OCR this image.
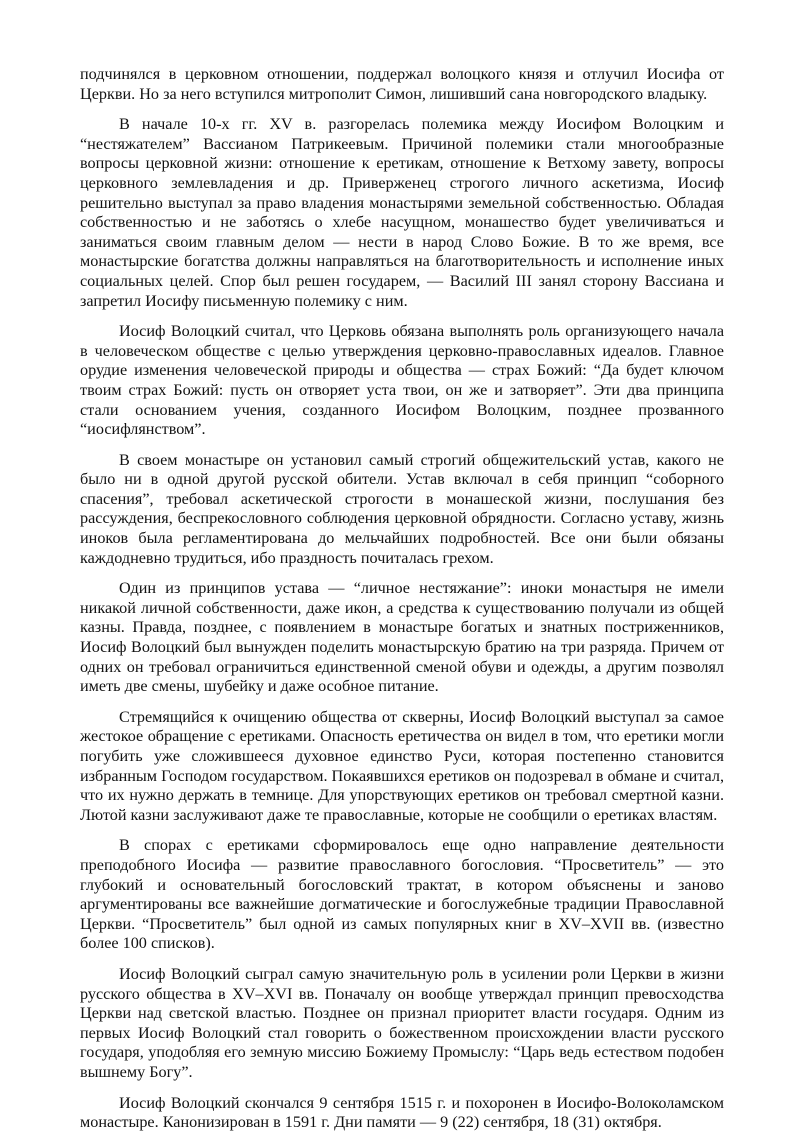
подчинялся в церковном отношении, поддержал волоцкого князя и отлучил Иосифа от Церкви. Но за него вступился митрополит Симон, лишивший сана новгородского владыку.

В начале 10-х гг. XV в. разгорелась полемика между Иосифом Волоцким и “нестяжателем” Вассианом Патрикеевым. Причиной полемики стали многообразные вопросы церковной жизни: отношение к еретикам, отношение к Ветхому завету, вопросы церковного землевладения и др. Приверженец строгого личного аскетизма, Иосиф решительно выступал за право владения монастырями земельной собственностью. Обладая собственностью и не заботясь о хлебе насущном, монашество будет увеличиваться и заниматься своим главным делом — нести в народ Слово Божие. В то же время, все монастырские богатства должны направляться на благотворительность и исполнение иных социальных целей. Спор был решен государем, — Василий III занял сторону Вассиана и запретил Иосифу письменную полемику с ним.

Иосиф Волоцкий считал, что Церковь обязана выполнять роль организующего начала в человеческом обществе с целью утверждения церковно-православных идеалов. Главное орудие изменения человеческой природы и общества — страх Божий: “Да будет ключом твоим страх Божий: пусть он отворяет уста твои, он же и затворяет”. Эти два принципа стали основанием учения, созданного Иосифом Волоцким, позднее прозванного “иосифлянством”.

В своем монастыре он установил самый строгий общежительский устав, какого не было ни в одной другой русской обители. Устав включал в себя принцип “соборного спасения”, требовал аскетической строгости в монашеской жизни, послушания без рассуждения, беспрекословного соблюдения церковной обрядности. Согласно уставу, жизнь иноков была регламентирована до мельчайших подробностей. Все они были обязаны каждодневно трудиться, ибо праздность почиталась грехом.

Один из принципов устава — “личное нестяжание”: иноки монастыря не имели никакой личной собственности, даже икон, а средства к существованию получали из общей казны. Правда, позднее, с появлением в монастыре богатых и знатных постриженников, Иосиф Волоцкий был вынужден поделить монастырскую братию на три разряда. Причем от одних он требовал ограничиться единственной сменой обуви и одежды, а другим позволял иметь две смены, шубейку и даже особное питание.

Стремящийся к очищению общества от скверны, Иосиф Волоцкий выступал за самое жестокое обращение с еретиками. Опасность еретичества он видел в том, что еретики могли погубить уже сложившееся духовное единство Руси, которая постепенно становится избранным Господом государством. Покаявшихся еретиков он подозревал в обмане и считал, что их нужно держать в темнице. Для упорствующих еретиков он требовал смертной казни. Лютой казни заслуживают даже те православные, которые не сообщили о еретиках властям.

В спорах с еретиками сформировалось еще одно направление деятельности преподобного Иосифа — развитие православного богословия. “Просветитель” — это глубокий и основательный богословский трактат, в котором объяснены и заново аргументированы все важнейшие догматические и богослужебные традиции Православной Церкви. “Просветитель” был одной из самых популярных книг в XV–XVII вв. (известно более 100 списков).

Иосиф Волоцкий сыграл самую значительную роль в усилении роли Церкви в жизни русского общества в XV–XVI вв. Поначалу он вообще утверждал принцип превосходства Церкви над светской властью. Позднее он признал приоритет власти государя. Одним из первых Иосиф Волоцкий стал говорить о божественном происхождении власти русского государя, уподобляя его земную миссию Божиему Промыслу: “Царь ведь естеством подобен вышнему Богу”.

Иосиф Волоцкий скончался 9 сентября 1515 г. и похоронен в Иосифо-Волоколамском монастыре. Канонизирован в 1591 г. Дни памяти — 9 (22) сентября, 18 (31) октября.
